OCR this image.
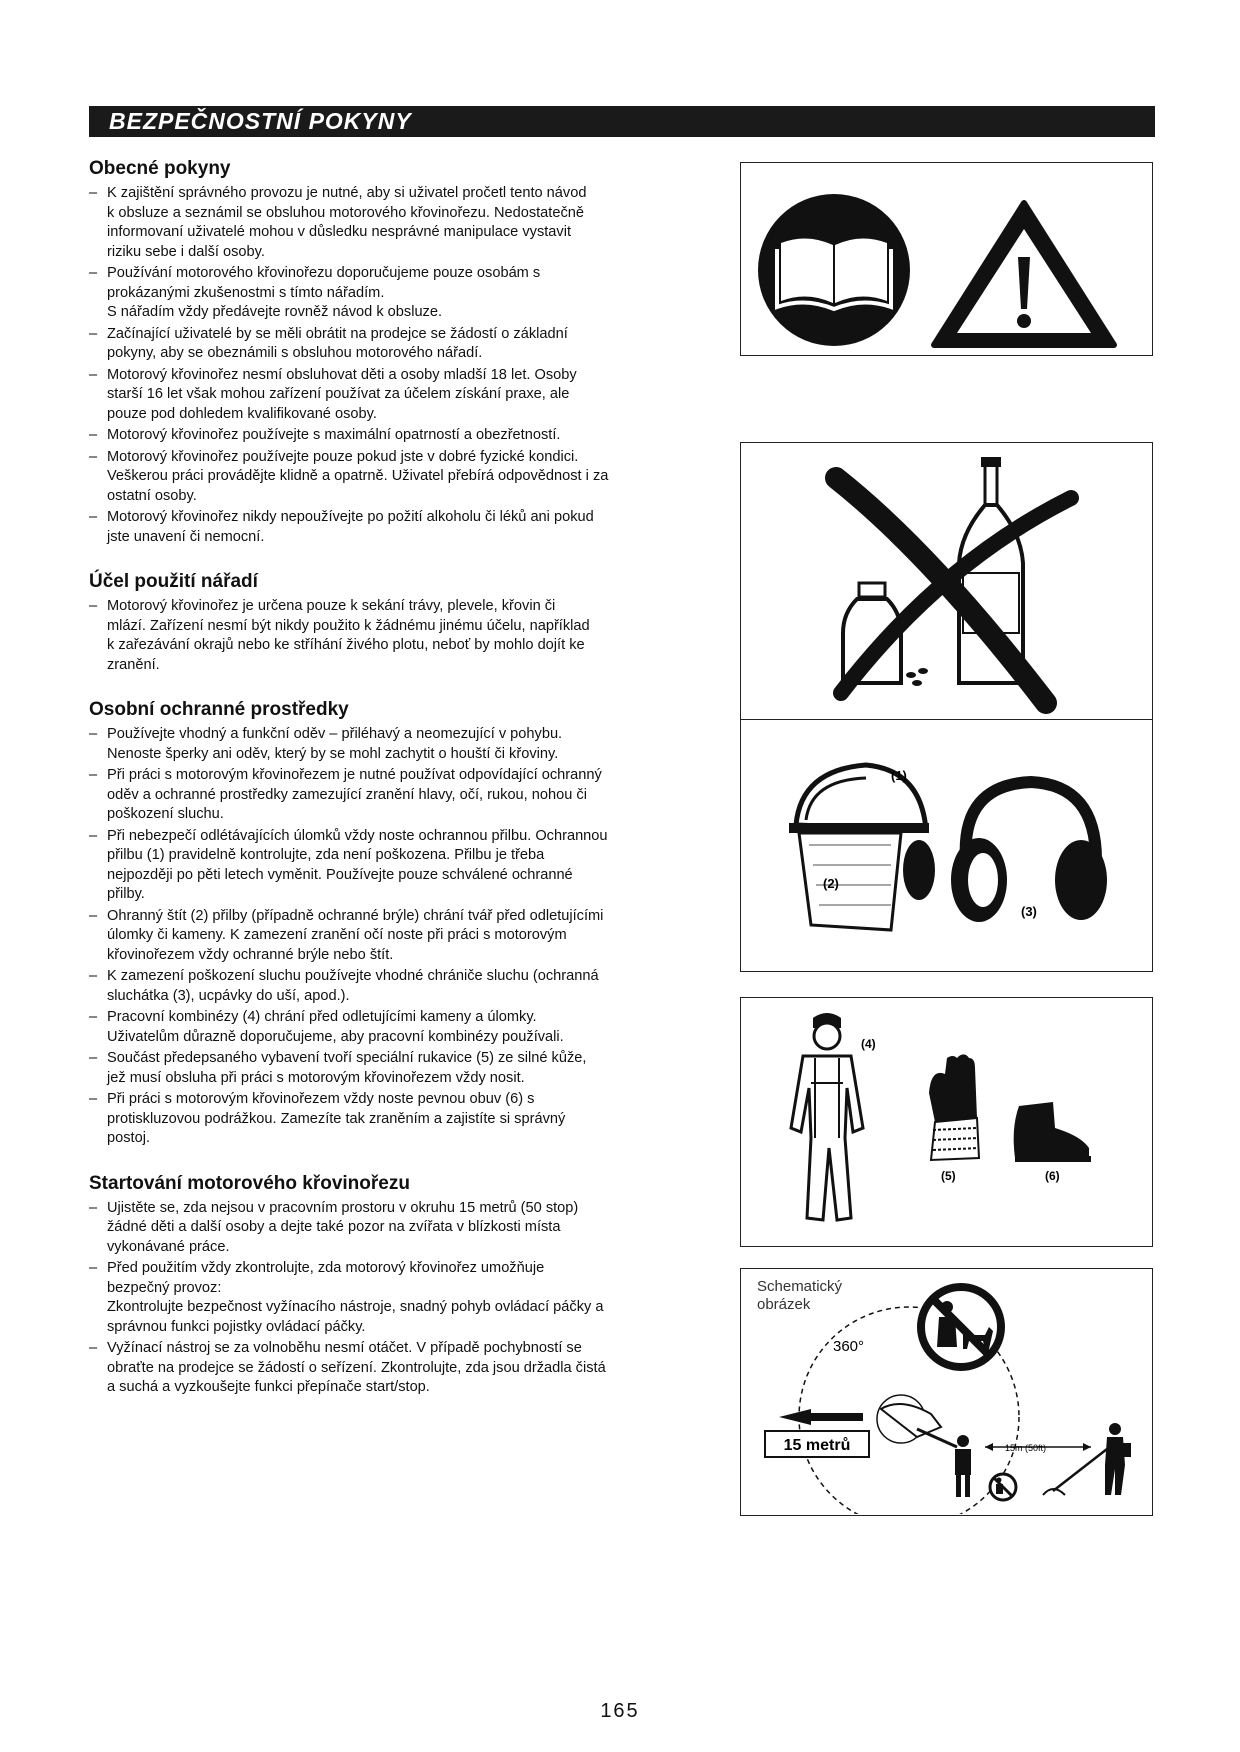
BEZPEČNOSTNÍ POKYNY
Obecné pokyny
– K zajištění správného provozu je nutné, aby si uživatel pročetl tento návod
k obsluze a seznámil se obsluhou motorového křovinořezu. Nedostatečně
informovaní uživatelé mohou v důsledku nesprávné manipulace vystavit
riziku sebe i další osoby.
– Používání motorového křovinořezu doporučujeme pouze osobám s
prokázanými zkušenostmi s tímto nářadím.
S nářadím vždy předávejte rovněž návod k obsluze.
– Začínající uživatelé by se měli obrátit na prodejce se žádostí o základní
pokyny, aby se obeznámili s obsluhou motorového nářadí.
– Motorový křovinořez nesmí obsluhovat děti a osoby mladší 18 let. Osoby
starší 16 let však mohou zařízení používat za účelem získání praxe, ale
pouze pod dohledem kvalifikované osoby.
– Motorový křovinořez používejte s maximální opatrností a obezřetností.
– Motorový křovinořez používejte pouze pokud jste v dobré fyzické kondici.
Veškerou práci provádějte klidně a opatrně. Uživatel přebírá odpovědnost i za
ostatní osoby.
– Motorový křovinořez nikdy nepoužívejte po požití alkoholu či léků ani pokud
jste unavení či nemocní.
Účel použití nářadí
– Motorový křovinořez je určena pouze k sekání trávy, plevele, křovin či
mlází. Zařízení nesmí být nikdy použito k žádnému jinému účelu, například
k zařezávání okrajů nebo ke stříhání živého plotu, neboť by mohlo dojít ke
zranění.
Osobní ochranné prostředky
– Používejte vhodný a funkční oděv – přiléhavý a neomezující v pohybu.
Nenoste šperky ani oděv, který by se mohl zachytit o houští či křoviny.
– Při práci s motorovým křovinořezem je nutné používat odpovídající ochranný
oděv a ochranné prostředky zamezující zranění hlavy, očí, rukou, nohou či
poškození sluchu.
– Při nebezpečí odlétávajících úlomků vždy noste ochrannou přilbu. Ochrannou
přilbu (1) pravidelně kontrolujte, zda není poškozena. Přilbu je třeba
nejpozději po pěti letech vyměnit. Používejte pouze schválené ochranné
přilby.
– Ohranný štít (2) přilby (případně ochranné brýle) chrání tvář před odletujícími
úlomky či kameny. K zamezení zranění očí noste při práci s motorovým
křovinořezem vždy ochranné brýle nebo štít.
– K zamezení poškození sluchu používejte vhodné chrániče sluchu (ochranná
sluchátka (3), ucpávky do uší, apod.).
– Pracovní kombinézy (4) chrání před odletujícími kameny a úlomky.
Uživatelům důrazně doporučujeme, aby pracovní kombinézy používali.
– Součást předepsaného vybavení tvoří speciální rukavice (5) ze silné kůže,
jež musí obsluha při práci s motorovým křovinořezem vždy nosit.
– Při práci s motorovým křovinořezem vždy noste pevnou obuv (6) s
protiskluzovou podrážkou. Zamezíte tak zraněním a zajistíte si správný
postoj.
Startování motorového křovinořezu
– Ujistěte se, zda nejsou v pracovním prostoru v okruhu 15 metrů (50 stop)
žádné děti a další osoby a dejte také pozor na zvířata v blízkosti místa
vykonávané práce.
– Před použitím vždy zkontrolujte, zda motorový křovinořez umožňuje
bezpečný provoz:
Zkontrolujte bezpečnost vyžínacího nástroje, snadný pohyb ovládací páčky a
správnou funkci pojistky ovládací páčky.
– Vyžínací nástroj se za volnoběhu nesmí otáčet. V případě pochybností se
obraťte na prodejce se žádostí o seřízení. Zkontrolujte, zda jsou držadla čistá
a suchá a vyzkoušejte funkci přepínače start/stop.
(1)
(2)
(3)
(4)
(5)	(6)
Schematický
obrázek
360°
15 metrů	15m (50ft)
165
